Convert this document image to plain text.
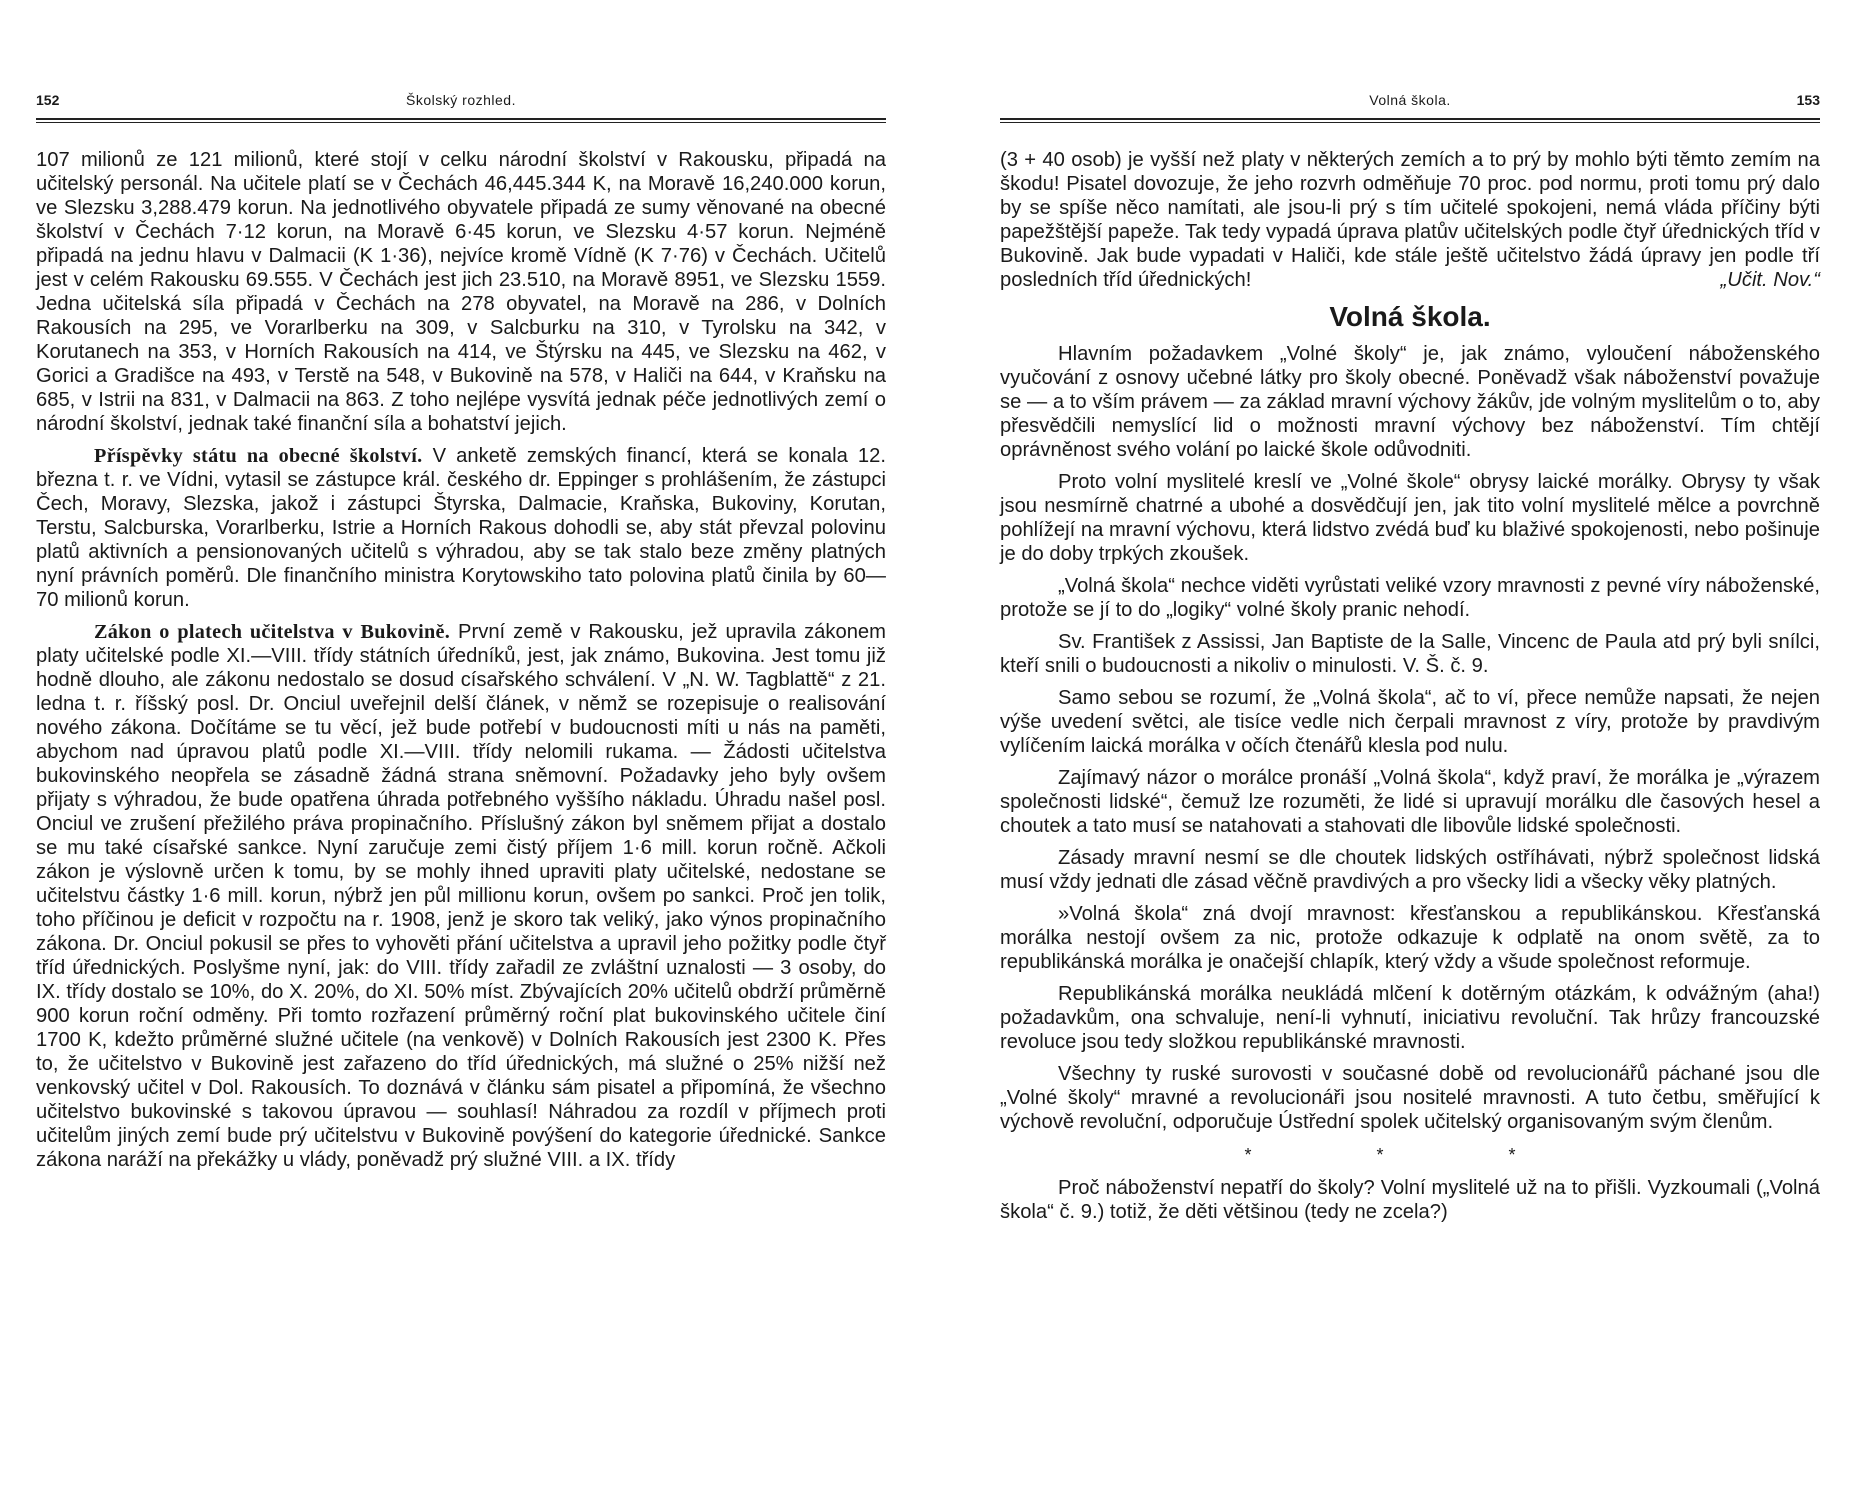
152	Školský rozhled.

107 milionů ze 121 milionů, které stojí v celku národní školství v Rakousku, připadá na učitelský personál. Na učitele platí se v Čechách 46,445.344 K, na Moravě 16,240.000 korun, ve Slezsku 3,288.479 korun. Na jednotlivého obyvatele připadá ze sumy věnované na obecné školství v Čechách 7·12 korun, na Moravě 6·45 korun, ve Slezsku 4·57 korun. Nejméně připadá na jednu hlavu v Dalmacii (K 1·36), nejvíce kromě Vídně (K 7·76) v Čechách. Učitelů jest v celém Rakousku 69.555. V Čechách jest jich 23.510, na Moravě 8951, ve Slezsku 1559. Jedna učitelská síla připadá v Čechách na 278 obyvatel, na Moravě na 286, v Dolních Rakousích na 295, ve Vorarlberku na 309, v Salcburku na 310, v Tyrolsku na 342, v Korutanech na 353, v Horních Rakousích na 414, ve Štýrsku na 445, ve Slezsku na 462, v Gorici a Gradišce na 493, v Terstě na 548, v Bukovině na 578, v Haliči na 644, v Kraňsku na 685, v Istrii na 831, v Dalmacii na 863. Z toho nejlépe vysvítá jednak péče jednotlivých zemí o národní školství, jednak také finanční síla a bohatství jejich.

Příspěvky státu na obecné školství. V anketě zemských financí, která se konala 12. března t. r. ve Vídni, vytasil se zástupce král. českého dr. Eppinger s prohlášením, že zástupci Čech, Moravy, Slezska, jakož i zástupci Štyrska, Dalmacie, Kraňska, Bukoviny, Korutan, Terstu, Salcburska, Vorarlberku, Istrie a Horních Rakous dohodli se, aby stát převzal polovinu platů aktivních a pensionovaných učitelů s výhradou, aby se tak stalo beze změny platných nyní právních poměrů. Dle finančního ministra Korytowskiho tato polovina platů činila by 60—70 milionů korun.

Zákon o platech učitelstva v Bukovině. První země v Rakousku, jež upravila zákonem platy učitelské podle XI.—VIII. třídy státních úředníků, jest, jak známo, Bukovina. Jest tomu již hodně dlouho, ale zákonu nedostalo se dosud císařského schválení. V „N. W. Tagblattě“ z 21. ledna t. r. říšský posl. Dr. Onciul uveřejnil delší článek, v němž se rozepisuje o realisování nového zákona. Dočítáme se tu věcí, jež bude potřebí v budoucnosti míti u nás na paměti, abychom nad úpravou platů podle XI.—VIII. třídy nelomili rukama. — Žádosti učitelstva bukovinského neopřela se zásadně žádná strana sněmovní. Požadavky jeho byly ovšem přijaty s výhradou, že bude opatřena úhrada potřebného vyššího nákladu. Úhradu našel posl. Onciul ve zrušení přežilého práva propinačního. Příslušný zákon byl sněmem přijat a dostalo se mu také císařské sankce. Nyní zaručuje zemi čistý příjem 1·6 mill. korun ročně. Ačkoli zákon je výslovně určen k tomu, by se mohly ihned upraviti platy učitelské, nedostane se učitelstvu částky 1·6 mill. korun, nýbrž jen půl millionu korun, ovšem po sankci. Proč jen tolik, toho příčinou je deficit v rozpočtu na r. 1908, jenž je skoro tak veliký, jako výnos propinačního zákona. Dr. Onciul pokusil se přes to vyhověti přání učitelstva a upravil jeho požitky podle čtyř tříd úřednických. Poslyšme nyní, jak: do VIII. třídy zařadil ze zvláštní uznalosti — 3 osoby, do IX. třídy dostalo se 10%, do X. 20%, do XI. 50% míst. Zbývajících 20% učitelů obdrží průměrně 900 korun roční odměny. Při tomto rozřazení průměrný roční plat bukovinského učitele činí 1700 K, kdežto průměrné služné učitele (na venkově) v Dolních Rakousích jest 2300 K. Přes to, že učitelstvo v Bukovině jest zařazeno do tříd úřednických, má služné o 25% nižší než venkovský učitel v Dol. Rakousích. To doznává v článku sám pisatel a připomíná, že všechno učitelstvo bukovinské s takovou úpravou — souhlasí! Náhradou za rozdíl v příjmech proti učitelům jiných zemí bude prý učitelstvu v Bukovině povýšení do kategorie úřednické. Sankce zákona naráží na překážky u vlády, poněvadž prý služné VIII. a IX. třídy

Volná škola.	153

(3 + 40 osob) je vyšší než platy v některých zemích a to prý by mohlo býti těmto zemím na škodu! Pisatel dovozuje, že jeho rozvrh odměňuje 70 proc. pod normu, proti tomu prý dalo by se spíše něco namítati, ale jsou-li prý s tím učitelé spokojeni, nemá vláda příčiny býti papežštější papeže. Tak tedy vypadá úprava platův učitelských podle čtyř úřednických tříd v Bukovině. Jak bude vypadati v Haliči, kde stále ještě učitelstvo žádá úpravy jen podle tří posledních tříd úřednických!	„Učit. Nov.“

Volná škola.

Hlavním požadavkem „Volné školy“ je, jak známo, vyloučení náboženského vyučování z osnovy učebné látky pro školy obecné. Poněvadž však náboženství považuje se — a to vším právem — za základ mravní výchovy žákův, jde volným myslitelům o to, aby přesvědčili nemyslící lid o možnosti mravní výchovy bez náboženství. Tím chtějí oprávněnost svého volání po laické škole odůvodniti.

Proto volní myslitelé kreslí ve „Volné škole“ obrysy laické morálky. Obrysy ty však jsou nesmírně chatrné a ubohé a dosvědčují jen, jak tito volní myslitelé mělce a povrchně pohlížejí na mravní výchovu, která lidstvo zvédá buď ku blaživé spokojenosti, nebo pošinuje je do doby trpkých zkoušek.

„Volná škola“ nechce viděti vyrůstati veliké vzory mravnosti z pevné víry náboženské, protože se jí to do „logiky“ volné školy pranic nehodí.

Sv. František z Assissi, Jan Baptiste de la Salle, Vincenc de Paula atd prý byli snílci, kteří snili o budoucnosti a nikoliv o minulosti. V. Š. č. 9.

Samo sebou se rozumí, že „Volná škola“, ač to ví, přece nemůže napsati, že nejen výše uvedení světci, ale tisíce vedle nich čerpali mravnost z víry, protože by pravdivým vylíčením laická morálka v očích čtenářů klesla pod nulu.

Zajímavý názor o morálce pronáší „Volná škola“, když praví, že morálka je „výrazem společnosti lidské“, čemuž lze rozuměti, že lidé si upravují morálku dle časových hesel a choutek a tato musí se natahovati a stahovati dle libovůle lidské společnosti.

Zásady mravní nesmí se dle choutek lidských ostříhávati, nýbrž společnost lidská musí vždy jednati dle zásad věčně pravdivých a pro všecky lidi a všecky věky platných.

»Volná škola“ zná dvojí mravnost: křesťanskou a republikánskou. Křesťanská morálka nestojí ovšem za nic, protože odkazuje k odplatě na onom světě, za to republikánská morálka je onačejší chlapík, který vždy a všude společnost reformuje.

Republikánská morálka neukládá mlčení k dotěrným otázkám, k odvážným (aha!) požadavkům, ona schvaluje, není-li vyhnutí, iniciativu revoluční. Tak hrůzy francouzské revoluce jsou tedy složkou republikánské mravnosti.

Všechny ty ruské surovosti v současné době od revolucionářů páchané jsou dle „Volné školy“ mravné a revolucionáři jsou nositelé mravnosti. A tuto četbu, směřující k výchově revoluční, odporučuje Ústřední spolek učitelský organisovaným svým členům.

* * *

Proč náboženství nepatří do školy? Volní myslitelé už na to přišli. Vyzkoumali („Volná škola“ č. 9.) totiž, že děti většinou (tedy ne zcela?)
